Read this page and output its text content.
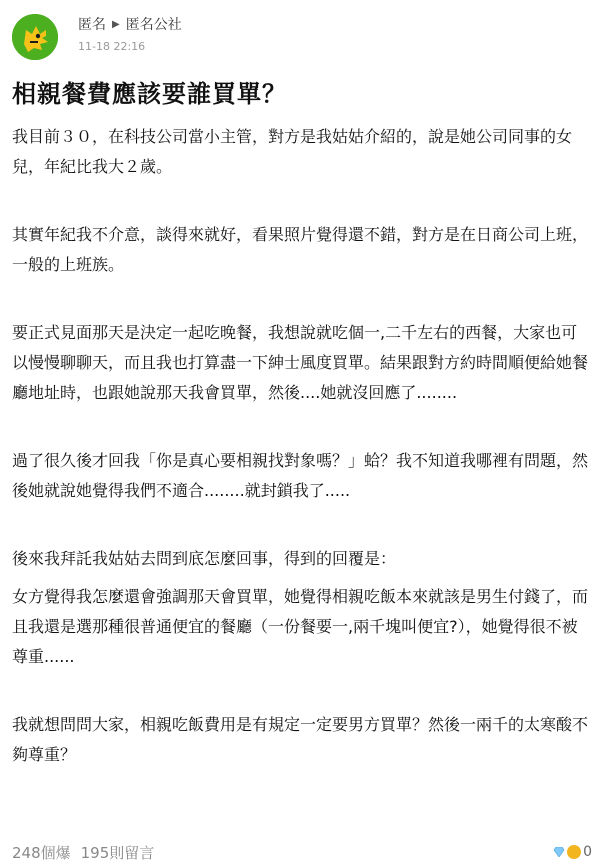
匿名 ▶ 匿名公社
11-18 22:16
相親餐費應該要誰買單？

我目前３０，在科技公司當小主管，對方是我姑姑介紹的，說是她公司同事的女兒，年紀比我大２歲。

其實年紀我不介意，談得來就好，看果照片覺得還不錯，對方是在日商公司上班，一般的上班族。

要正式見面那天是決定一起吃晚餐，我想說就吃個一,二千左右的西餐，大家也可以慢慢聊聊天，而且我也打算盡一下紳士風度買單。結果跟對方約時間順便給她餐廳地址時，也跟她說那天我會買單，然後....她就沒回應了........

過了很久後才回我「你是真心要相親找對象嗎？」蛤？我不知道我哪裡有問題，然後她就說她覺得我們不適合........就封鎖我了.....

後來我拜託我姑姑去問到底怎麼回事，得到的回覆是：

女方覺得我怎麼還會強調那天會買單，她覺得相親吃飯本來就該是男生付錢了，而且我還是選那種很普通便宜的餐廳（一份餐要一,兩千塊叫便宜?），她覺得很不被尊重......

我就想問問大家，相親吃飯費用是有規定一定要男方買單？然後一兩千的太寒酸不夠尊重？

248個爆 195則留言	0
